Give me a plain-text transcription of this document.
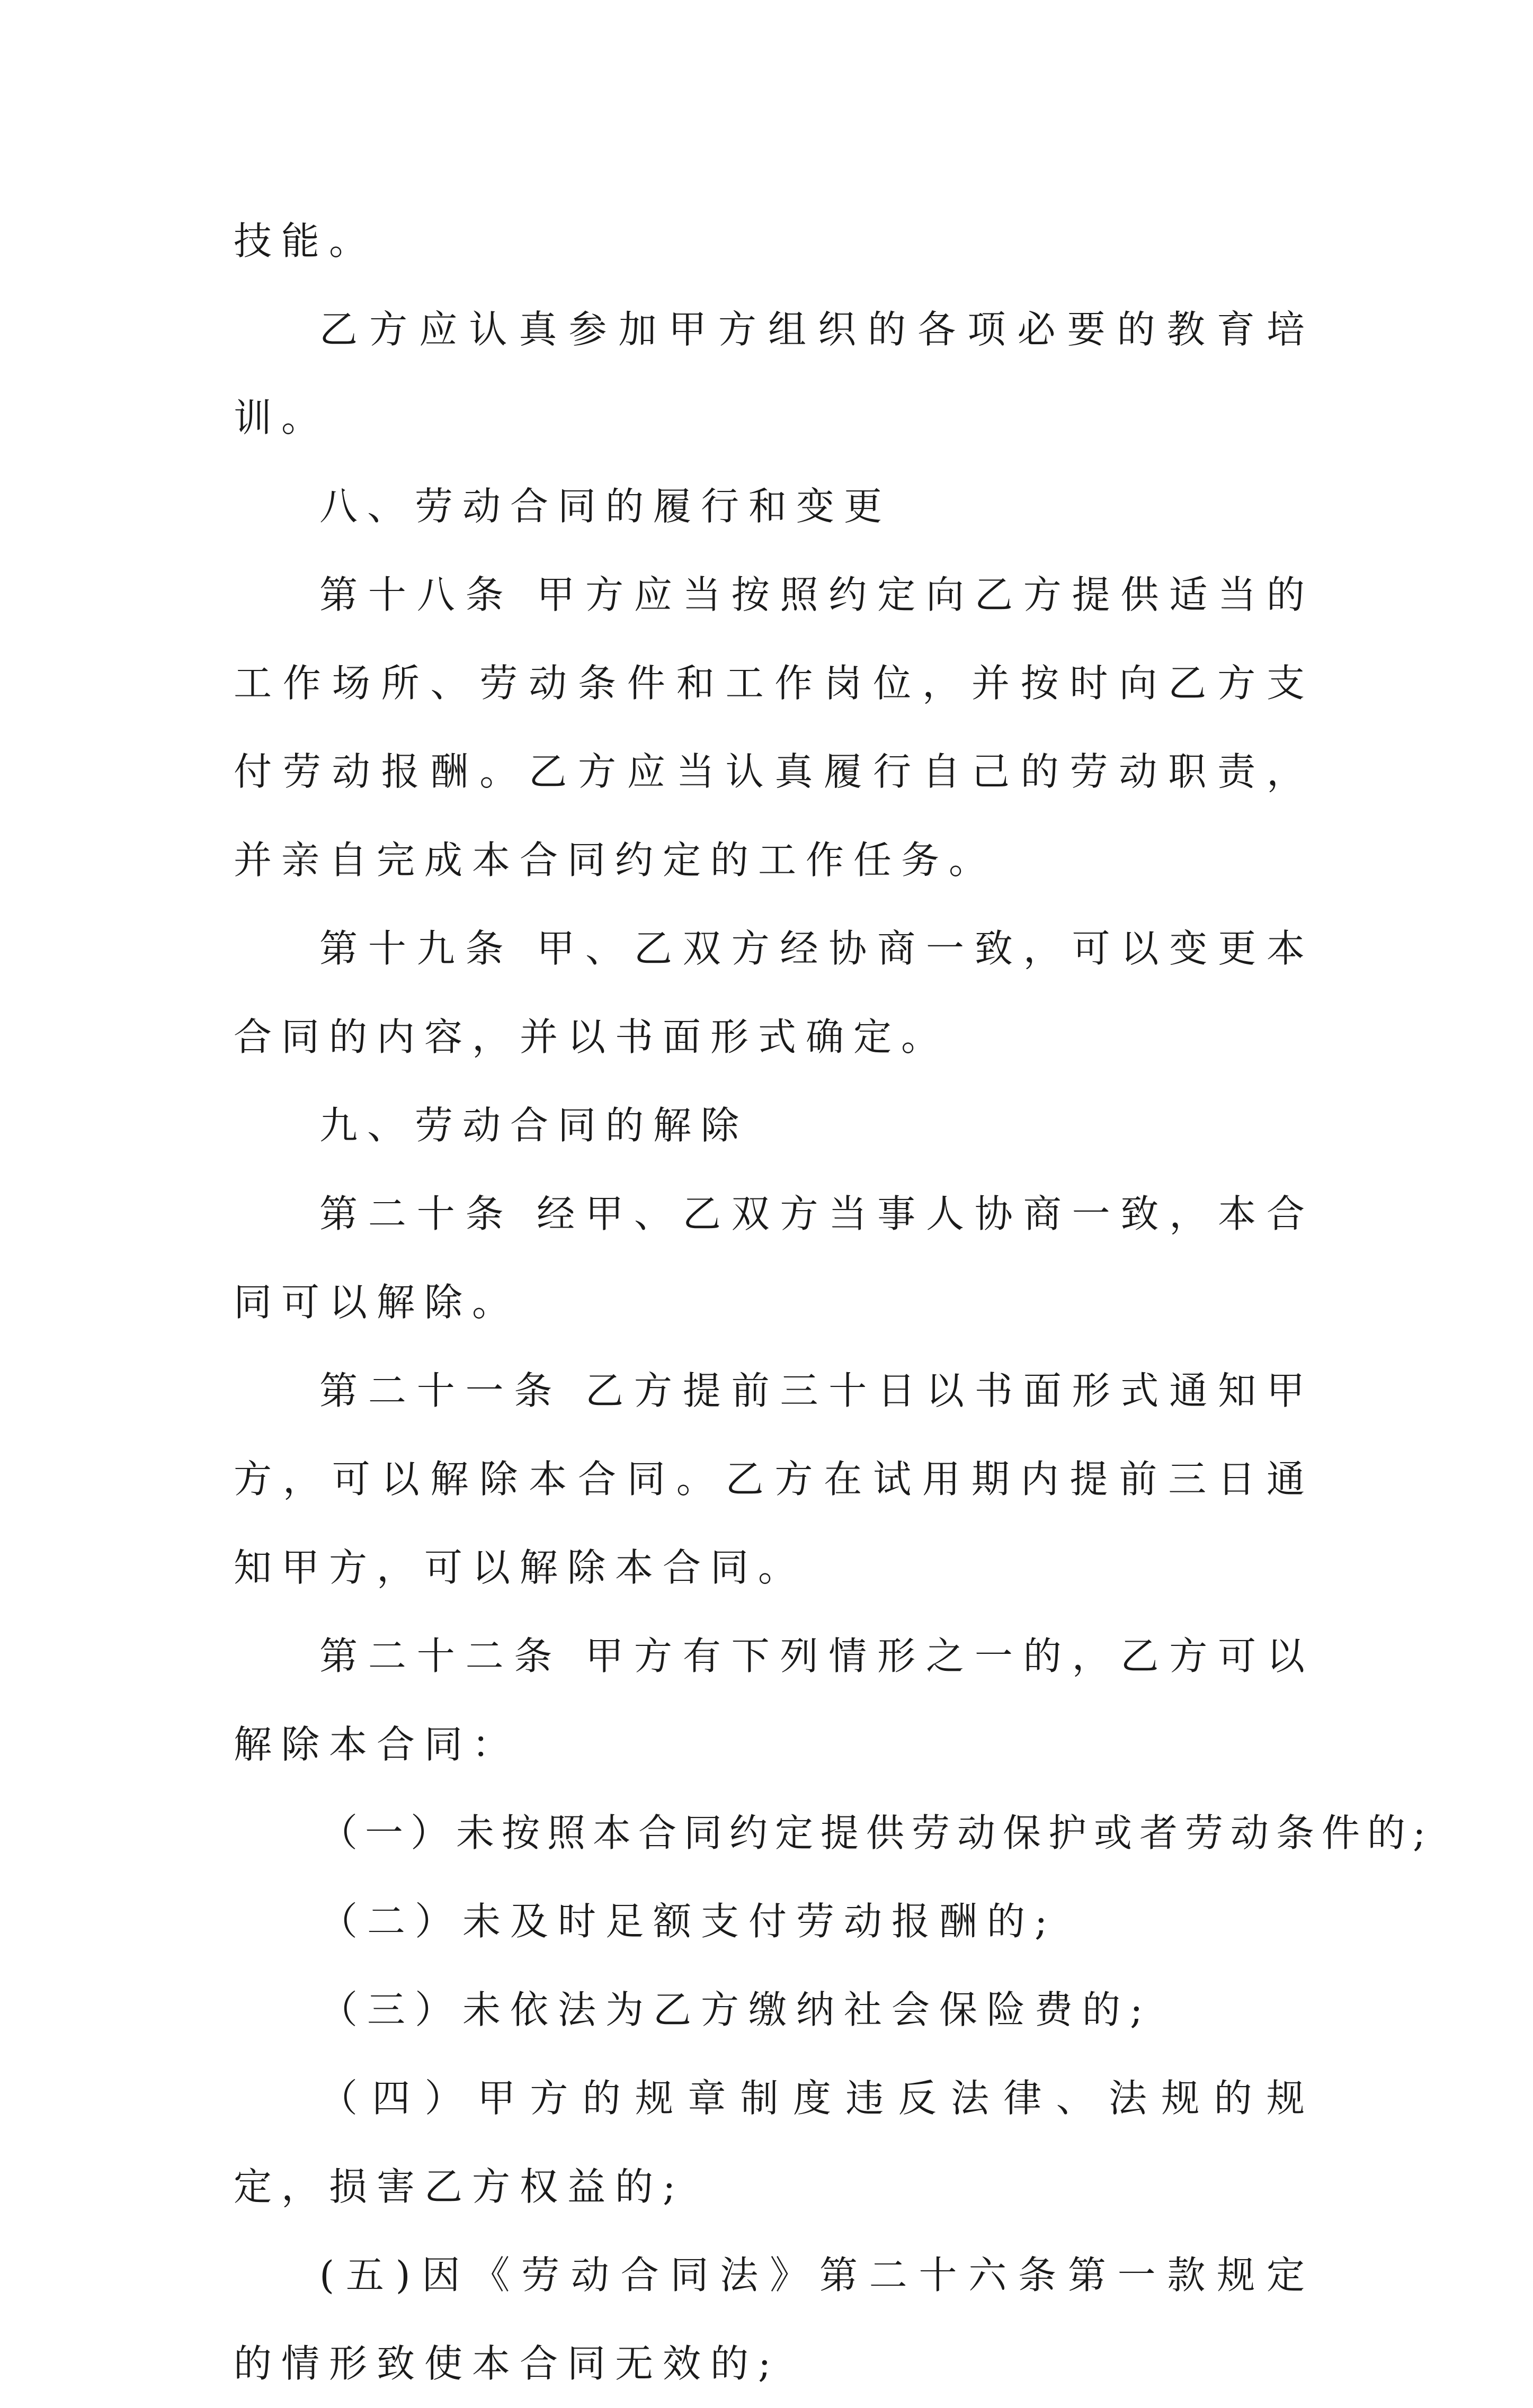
技能。

乙方应认真参加甲方组织的各项必要的教育培训。

八、劳动合同的履行和变更

第十八条 甲方应当按照约定向乙方提供适当的工作场所、劳动条件和工作岗位，并按时向乙方支付劳动报酬。乙方应当认真履行自己的劳动职责，并亲自完成本合同约定的工作任务。

第十九条 甲、乙双方经协商一致，可以变更本合同的内容，并以书面形式确定。

九、劳动合同的解除

第二十条 经甲、乙双方当事人协商一致，本合同可以解除。

第二十一条 乙方提前三十日以书面形式通知甲方，可以解除本合同。乙方在试用期内提前三日通知甲方，可以解除本合同。

第二十二条 甲方有下列情形之一的，乙方可以解除本合同：

（一）未按照本合同约定提供劳动保护或者劳动条件的;

（二）未及时足额支付劳动报酬的;

（三）未依法为乙方缴纳社会保险费的;

（四）甲方的规章制度违反法律、法规的规定，损害乙方权益的;

(五)因《劳动合同法》第二十六条第一款规定的情形致使本合同无效的;
